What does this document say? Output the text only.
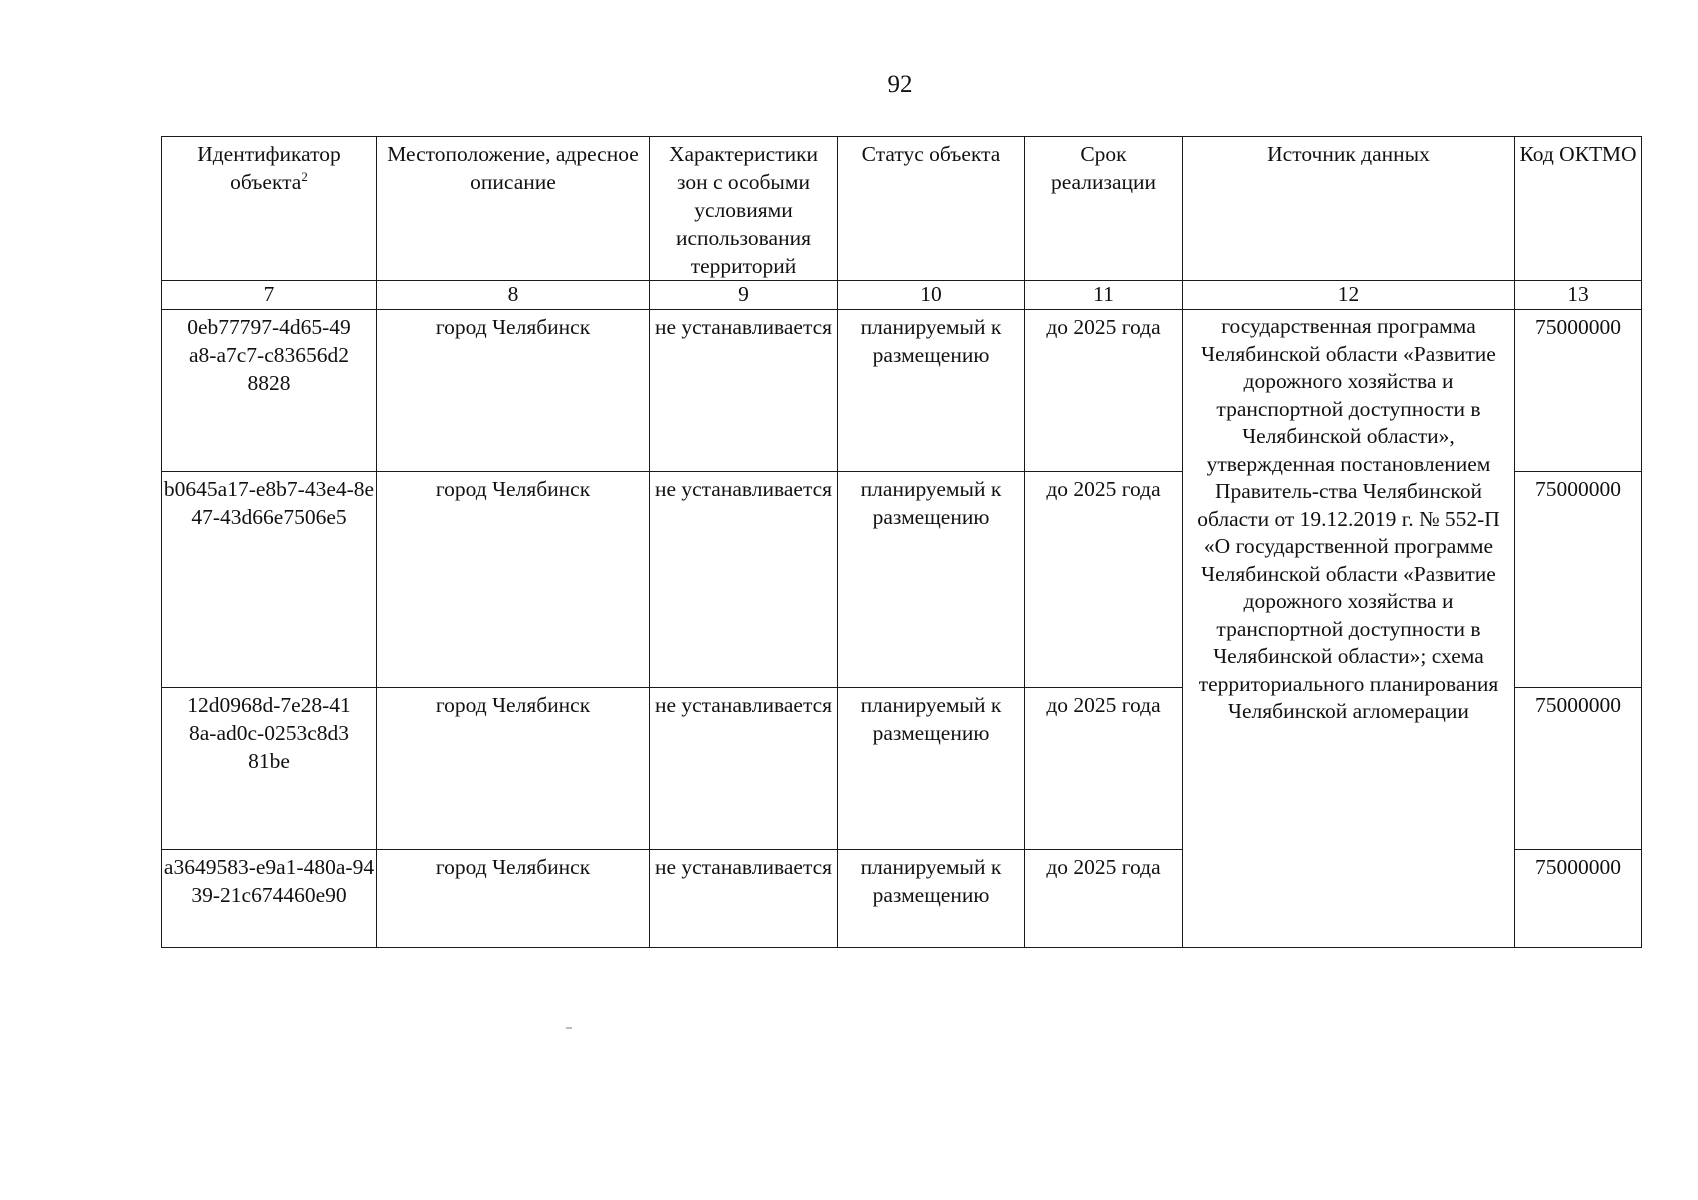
92
Идентификатор объекта$^2$	Местоположение, адресное описание	Характеристики зон с особыми условиями использования территорий	Статус объекта	Срок реализации	Источник данных	Код ОКТМО

7	8	9	10	11	12	13

0eb77797-4d65-49a8-a7c7-c83656d28828	город Челябинск	не устанавливается	планируемый к размещению	до 2025 года	государственная программа Челябинской области «Развитие дорожного хозяйства и транспортной доступности в Челябинской области», утвержденная постановлением Правитель-ства Челябинской области от 19.12.2019 г. № 552-П «О государственной программе Челябинской области «Развитие дорожного хозяйства и транспортной доступности в Челябинской области»; схема территориального планирования Челябинской агломерации	75000000

b0645a17-e8b7-43e4-8e47-43d66e7506e5	город Челябинск	не устанавливается	планируемый к размещению	до 2025 года		75000000

12d0968d-7e28-418a-ad0c-0253c8d381be	город Челябинск	не устанавливается	планируемый к размещению	до 2025 года		75000000

a3649583-e9a1-480a-9439-21c674460e90	город Челябинск	не устанавливается	планируемый к размещению	до 2025 года		75000000
